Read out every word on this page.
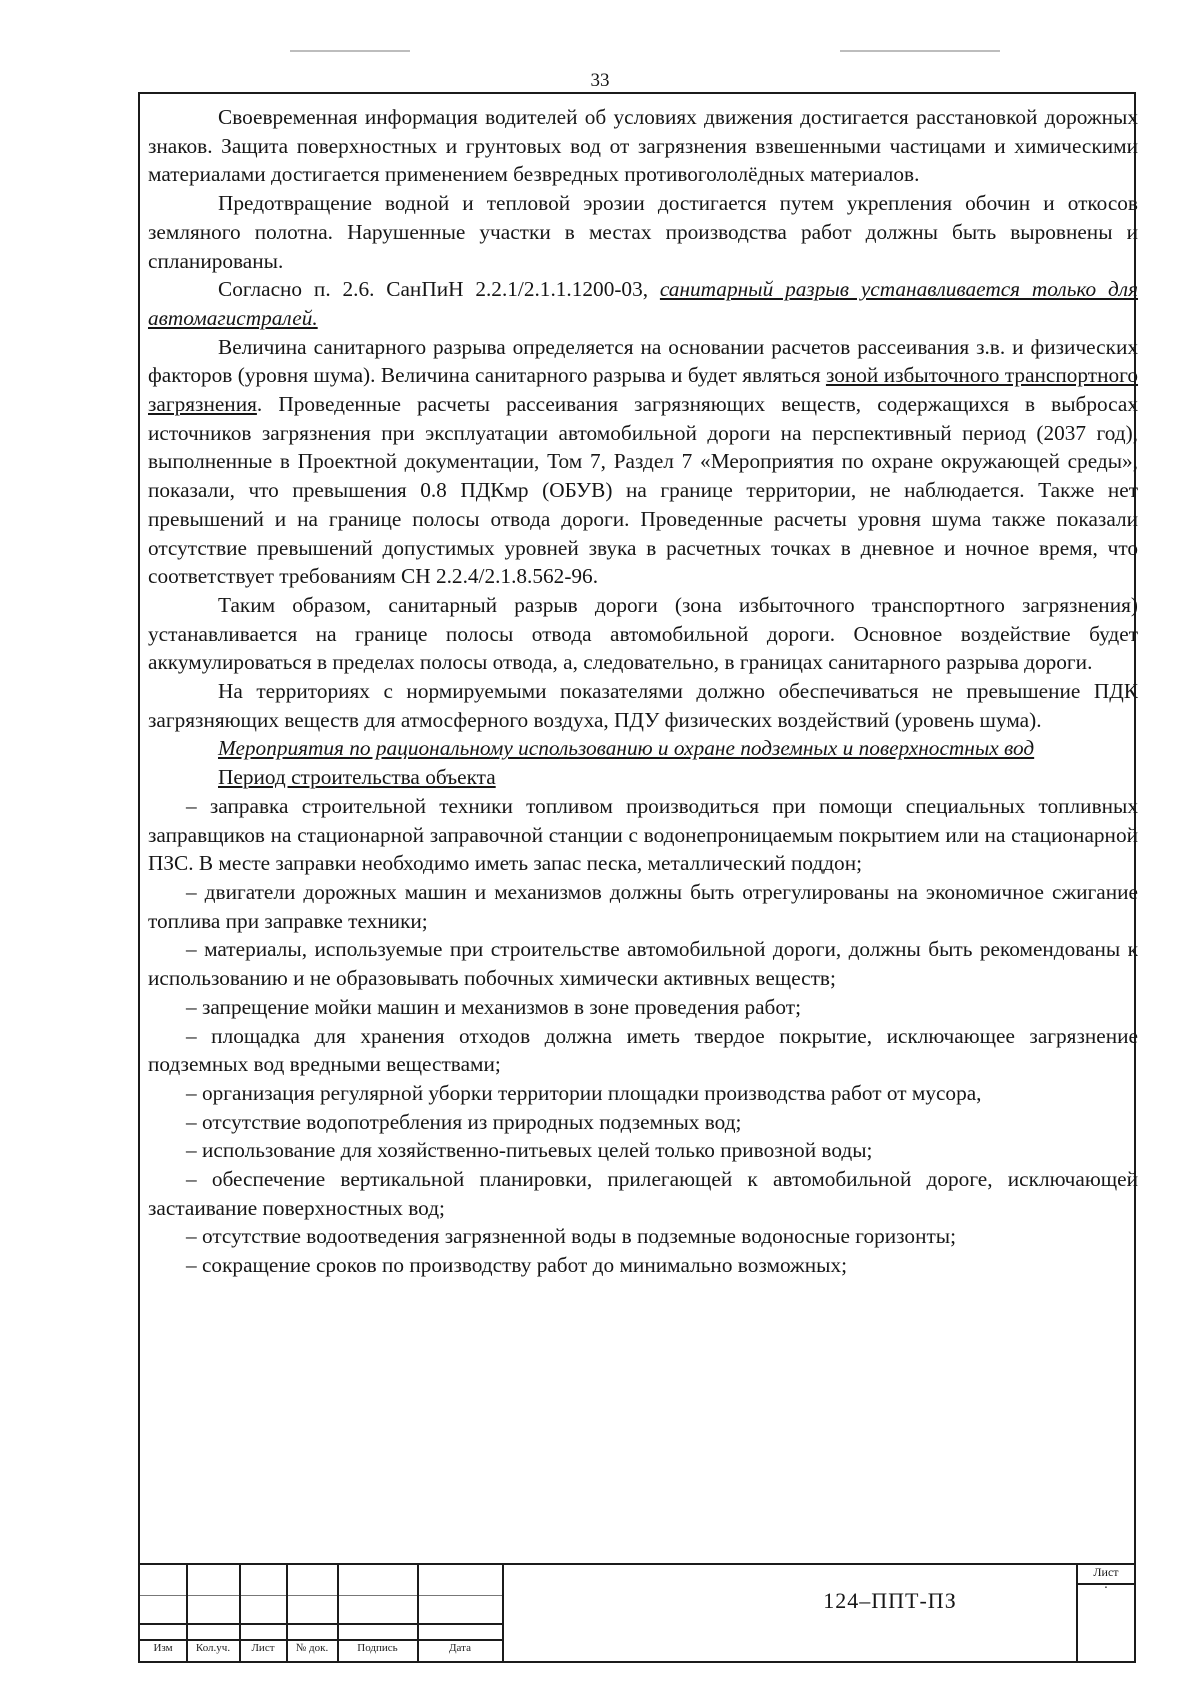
33

Своевременная информация водителей об условиях движения достигается расстановкой дорожных знаков. Защита поверхностных и грунтовых вод от загрязнения взвешенными частицами и химическими материалами достигается применением безвредных противогололёдных материалов.

Предотвращение водной и тепловой эрозии достигается путем укрепления обочин и откосов земляного полотна. Нарушенные участки в местах производства работ должны быть выровнены и спланированы.

Согласно п. 2.6. СанПиН 2.2.1/2.1.1.1200-03, санитарный разрыв устанавливается только для автомагистралей.

Величина санитарного разрыва определяется на основании расчетов рассеивания з.в. и физических факторов (уровня шума). Величина санитарного разрыва и будет являться зоной избыточного транспортного загрязнения. Проведенные расчеты рассеивания загрязняющих веществ, содержащихся в выбросах источников загрязнения при эксплуатации автомобильной дороги на перспективный период (2037 год), выполненные в Проектной документации, Том 7, Раздел 7 «Мероприятия по охране окружающей среды», показали, что превышения 0.8 ПДКмр (ОБУВ) на границе территории, не наблюдается. Также нет превышений и на границе полосы отвода дороги. Проведенные расчеты уровня шума также показали отсутствие превышений допустимых уровней звука в расчетных точках в дневное и ночное время, что соответствует требованиям СН 2.2.4/2.1.8.562-96.

Таким образом, санитарный разрыв дороги (зона избыточного транспортного загрязнения) устанавливается на границе полосы отвода автомобильной дороги. Основное воздействие будет аккумулироваться в пределах полосы отвода, а, следовательно, в границах санитарного разрыва дороги.

На территориях с нормируемыми показателями должно обеспечиваться не превышение ПДК загрязняющих веществ для атмосферного воздуха, ПДУ физических воздействий (уровень шума).

Мероприятия по рациональному использованию и охране подземных и поверхностных вод

Период строительства объекта

– заправка строительной техники топливом производиться при помощи специальных топливных заправщиков на стационарной заправочной станции с водонепроницаемым покрытием или на стационарной ПЗС. В месте заправки необходимо иметь запас песка, металлический поддон;

– двигатели дорожных машин и механизмов должны быть отрегулированы на экономичное сжигание топлива при заправке техники;

– материалы, используемые при строительстве автомобильной дороги, должны быть рекомендованы к использованию и не образовывать побочных химически активных веществ;

– запрещение мойки машин и механизмов в зоне проведения работ;

– площадка для хранения отходов должна иметь твердое покрытие, исключающее загрязнение подземных вод вредными веществами;

– организация регулярной уборки территории площадки производства работ от мусора,

– отсутствие водопотребления из природных подземных вод;

– использование для хозяйственно-питьевых целей только привозной воды;

– обеспечение вертикальной планировки, прилегающей к автомобильной дороге, исключающей застаивание поверхностных вод;

– отсутствие водоотведения загрязненной воды в подземные водоносные горизонты;

– сокращение сроков по производству работ до минимально возможных;

Изм	Кол.уч.	Лист	№ док.	Подпись	Дата
124–ППТ-ПЗ
Лист
·
